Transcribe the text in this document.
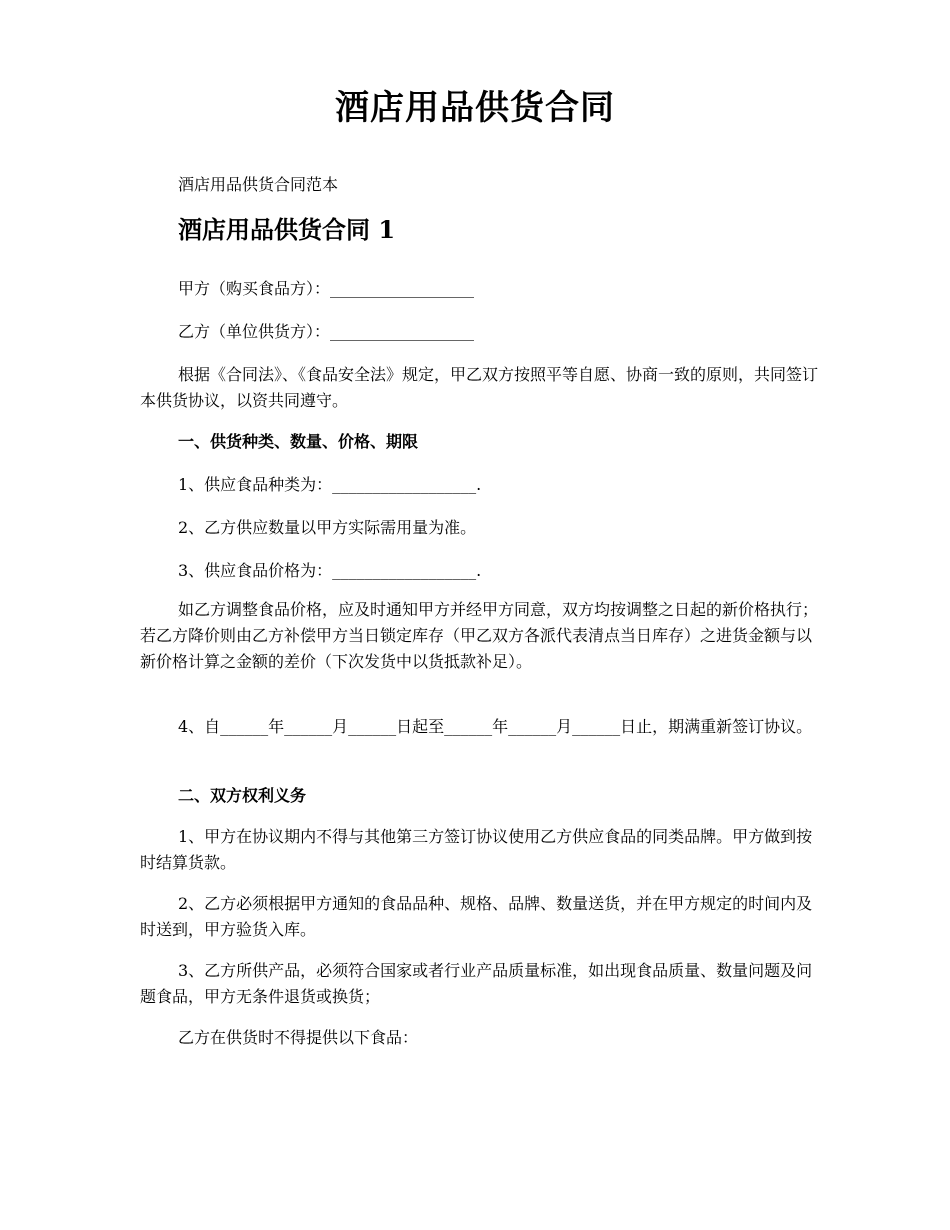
酒店用品供货合同

酒店用品供货合同范本

酒店用品供货合同 1

甲方（购买食品方）：__________________

乙方（单位供货方）：__________________

根据《合同法》、《食品安全法》规定，甲乙双方按照平等自愿、协商一致的原则，共同签订本供货协议，以资共同遵守。

一、供货种类、数量、价格、期限

1、供应食品种类为：__________________.

2、乙方供应数量以甲方实际需用量为准。

3、供应食品价格为：__________________.

如乙方调整食品价格，应及时通知甲方并经甲方同意，双方均按调整之日起的新价格执行；若乙方降价则由乙方补偿甲方当日锁定库存（甲乙双方各派代表清点当日库存）之进货金额与以新价格计算之金额的差价（下次发货中以货抵款补足）。

4、自______年______月______日起至______年______月______日止，期满重新签订协议。

二、双方权利义务

1、甲方在协议期内不得与其他第三方签订协议使用乙方供应食品的同类品牌。甲方做到按时结算货款。

2、乙方必须根据甲方通知的食品品种、规格、品牌、数量送货，并在甲方规定的时间内及时送到，甲方验货入库。

3、乙方所供产品，必须符合国家或者行业产品质量标准，如出现食品质量、数量问题及问题食品，甲方无条件退货或换货；

乙方在供货时不得提供以下食品：
